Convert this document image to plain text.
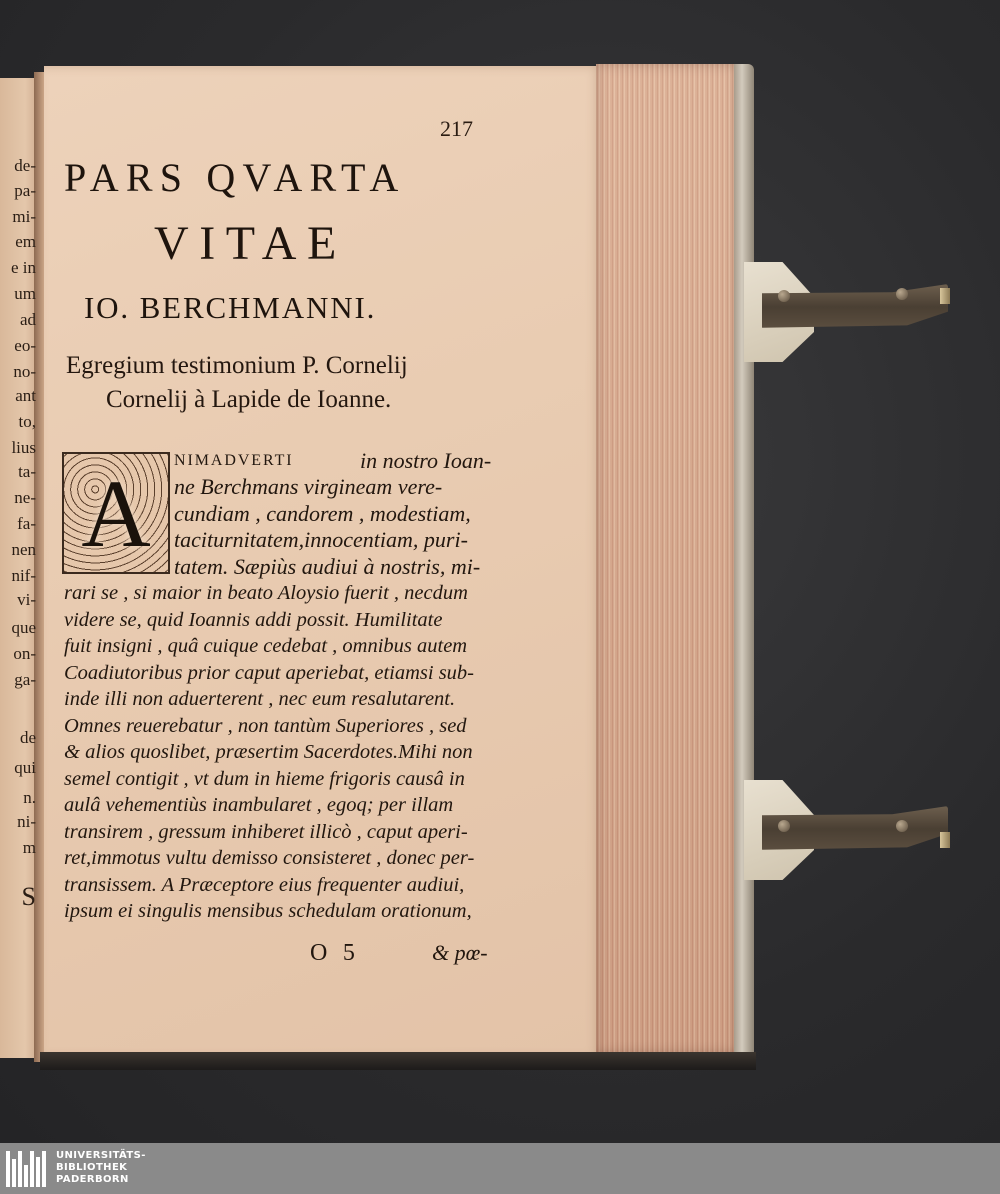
de-
pa-
mi-
em
e in
um
ad
eo-
no-
ant
to,
lius
ta-
ne-
fa-
nen
nif-
vi-
que
on-
ga-
de
qui
n.
ni-
m
S
217
PARS QVARTA
VITAE
IO. BERCHMANNI.
Egregium testimonium P. Cornelij
Cornelij à Lapide de Ioanne.
A	NIMADVERTI	in nostro Ioan-
ne Berchmans virgineam vere-
cundiam , candorem , modestiam,
taciturnitatem,innocentiam, puri-
tatem. Sæpiùs audiui à nostris, mi-
rari se , si maior in beato Aloysio fuerit , necdum
videre se, quid Ioannis addi possit. Humilitate
fuit insigni , quâ cuique cedebat , omnibus autem
Coadiutoribus prior caput aperiebat, etiamsi sub-
inde illi non aduerterent , nec eum resalutarent.
Omnes reuerebatur , non tantùm Superiores , sed
& alios quoslibet, præsertim Sacerdotes.Mihi non
semel contigit , vt dum in hieme frigoris causâ in
aulâ vehementiùs inambularet , egoq; per illam
transirem , gressum inhiberet illicò , caput aperi-
ret,immotus vultu demisso consisteret , donec per-
transissem. A Præceptore eius frequenter audiui,
ipsum ei singulis mensibus schedulam orationum,
O 5	& pœ-
UNIVERSITÄTS-
BIBLIOTHEK
PADERBORN
